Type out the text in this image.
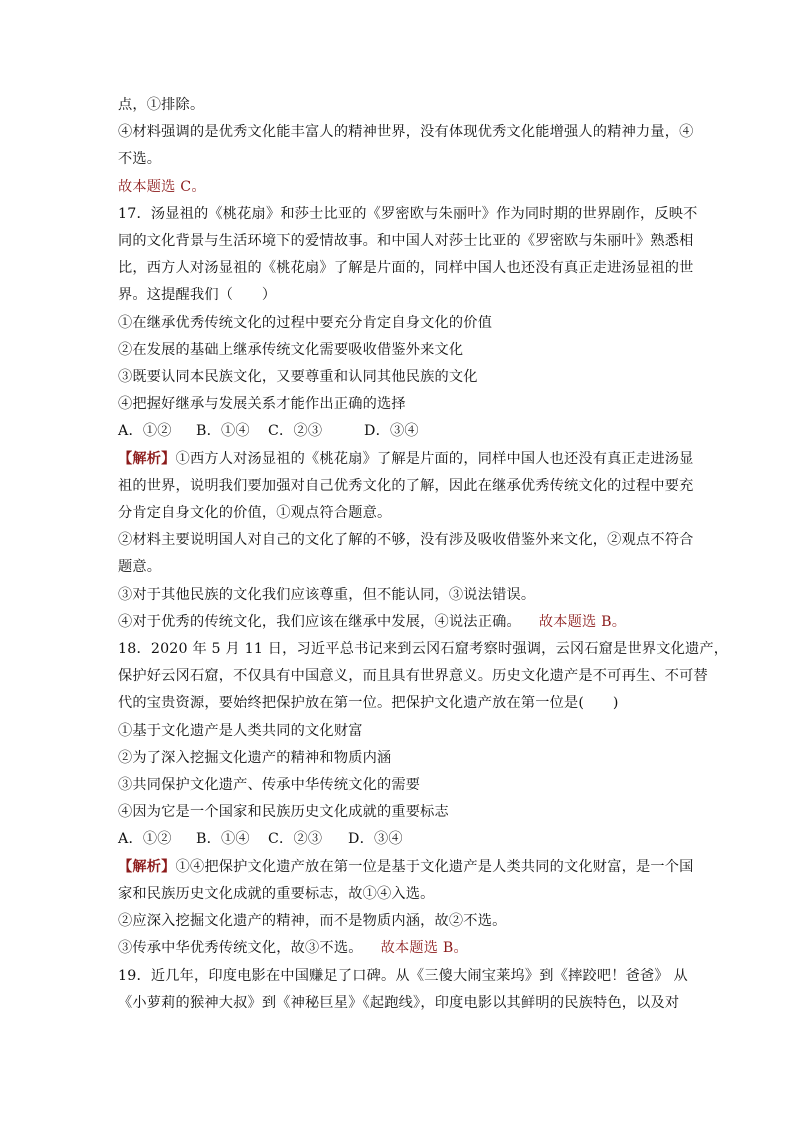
点，①排除。
④材料强调的是优秀文化能丰富人的精神世界，没有体现优秀文化能增强人的精神力量，④
不选。
故本题选 C。
17．汤显祖的《桃花扇》和莎士比亚的《罗密欧与朱丽叶》作为同时期的世界剧作，反映不
同的文化背景与生活环境下的爱情故事。和中国人对莎士比亚的《罗密欧与朱丽叶》熟悉相
比，西方人对汤显祖的《桃花扇》了解是片面的，同样中国人也还没有真正走进汤显祖的世
界。这提醒我们（　　）
①在继承优秀传统文化的过程中要充分肯定自身文化的价值
②在发展的基础上继承传统文化需要吸收借鉴外来文化
③既要认同本民族文化，又要尊重和认同其他民族的文化
④把握好继承与发展关系才能作出正确的选择
A．①② B．①④ C．②③	D．③④
【解析】①西方人对汤显祖的《桃花扇》了解是片面的，同样中国人也还没有真正走进汤显
祖的世界，说明我们要加强对自己优秀文化的了解，因此在继承优秀传统文化的过程中要充
分肯定自身文化的价值，①观点符合题意。
②材料主要说明国人对自己的文化了解的不够，没有涉及吸收借鉴外来文化，②观点不符合
题意。
③对于其他民族的文化我们应该尊重，但不能认同，③说法错误。
④对于优秀的传统文化，我们应该在继承中发展，④说法正确。 故本题选 B。
18．2020 年 5 月 11 日，习近平总书记来到云冈石窟考察时强调，云冈石窟是世界文化遗产，
保护好云冈石窟，不仅具有中国意义，而且具有世界意义。历史文化遗产是不可再生、不可替
代的宝贵资源，要始终把保护放在第一位。把保护文化遗产放在第一位是(　　)
①基于文化遗产是人类共同的文化财富
②为了深入挖掘文化遗产的精神和物质内涵
③共同保护文化遗产、传承中华传统文化的需要
④因为它是一个国家和民族历史文化成就的重要标志
A．①② B．①④ C．②③ D．③④
【解析】①④把保护文化遗产放在第一位是基于文化遗产是人类共同的文化财富，是一个国
家和民族历史文化成就的重要标志，故①④入选。
②应深入挖掘文化遗产的精神，而不是物质内涵，故②不选。
③传承中华优秀传统文化，故③不选。 故本题选 B。
19．近几年，印度电影在中国赚足了口碑。从《三傻大闹宝莱坞》到《摔跤吧！爸爸》 从
《小萝莉的猴神大叔》到《神秘巨星》《起跑线》，印度电影以其鲜明的民族特色，以及对
